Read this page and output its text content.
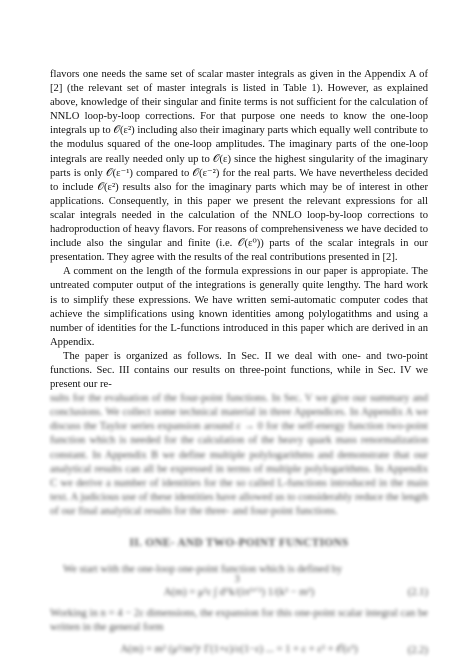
flavors one needs the same set of scalar master integrals as given in the Appendix A of [2] (the relevant set of master integrals is listed in Table 1). However, as explained above, knowledge of their singular and finite terms is not sufficient for the calculation of NNLO loop-by-loop corrections. For that purpose one needs to know the one-loop integrals up to 𝒪(ε²) including also their imaginary parts which equally well contribute to the modulus squared of the one-loop amplitudes. The imaginary parts of the one-loop integrals are really needed only up to 𝒪(ε) since the highest singularity of the imaginary parts is only 𝒪(ε⁻¹) compared to 𝒪(ε⁻²) for the real parts. We have nevertheless decided to include 𝒪(ε²) results also for the imaginary parts which may be of interest in other applications. Consequently, in this paper we present the relevant expressions for all scalar integrals needed in the calculation of the NNLO loop-by-loop corrections to hadroproduction of heavy flavors. For reasons of comprehensiveness we have decided to include also the singular and finite (i.e. 𝒪(ε⁰)) parts of the scalar integrals in our presentation. They agree with the results of the real contributions presented in [2].

A comment on the length of the formula expressions in our paper is appropiate. The untreated computer output of the integrations is generally quite lengthy. The hard work is to simplify these expressions. We have written semi-automatic computer codes that achieve the simplifications using known identities among polylogatithms and using a number of identities for the L-functions introduced in this paper which are derived in an Appendix.

The paper is organized as follows. In Sec. II we deal with one- and two-point functions. Sec. III contains our results on three-point functions, while in Sec. IV we present our re-

sults for the evaluation of the four-point functions. In Sec. V we give our summary and conclusions. We collect some technical material in three Appendices. In Appendix A we discuss the Taylor series expansion around ε → 0 for the self-energy function two-point function which is needed for the calculation of the heavy quark mass renormalization constant. In Appendix B we define multiple polylogarithms and demonstrate that our analytical results can all be expressed in terms of multiple polylogarithms. In Appendix C we derive a number of identities for the so called L-functions introduced in the main text. A judicious use of these identities have allowed us to considerably reduce the length of our final analytical results for the three- and four-point functions.

II. ONE- AND TWO-POINT FUNCTIONS

We start with the one-loop one-point function which is defined by

A(m) = μ²ε ∫ dᴰk/(iπᴰᐟ²) 1/(k² − m²)	(2.1)

Working in n = 4 − 2ε dimensions, the expansion for this one-point scalar integral can be written in the general form

A(m) = m² (μ²/m²)ᵋ Γ(1+ε)/ε(1−ε) ... = 1 + ε + ε² + 𝒪(ε³)	(2.2)
3
